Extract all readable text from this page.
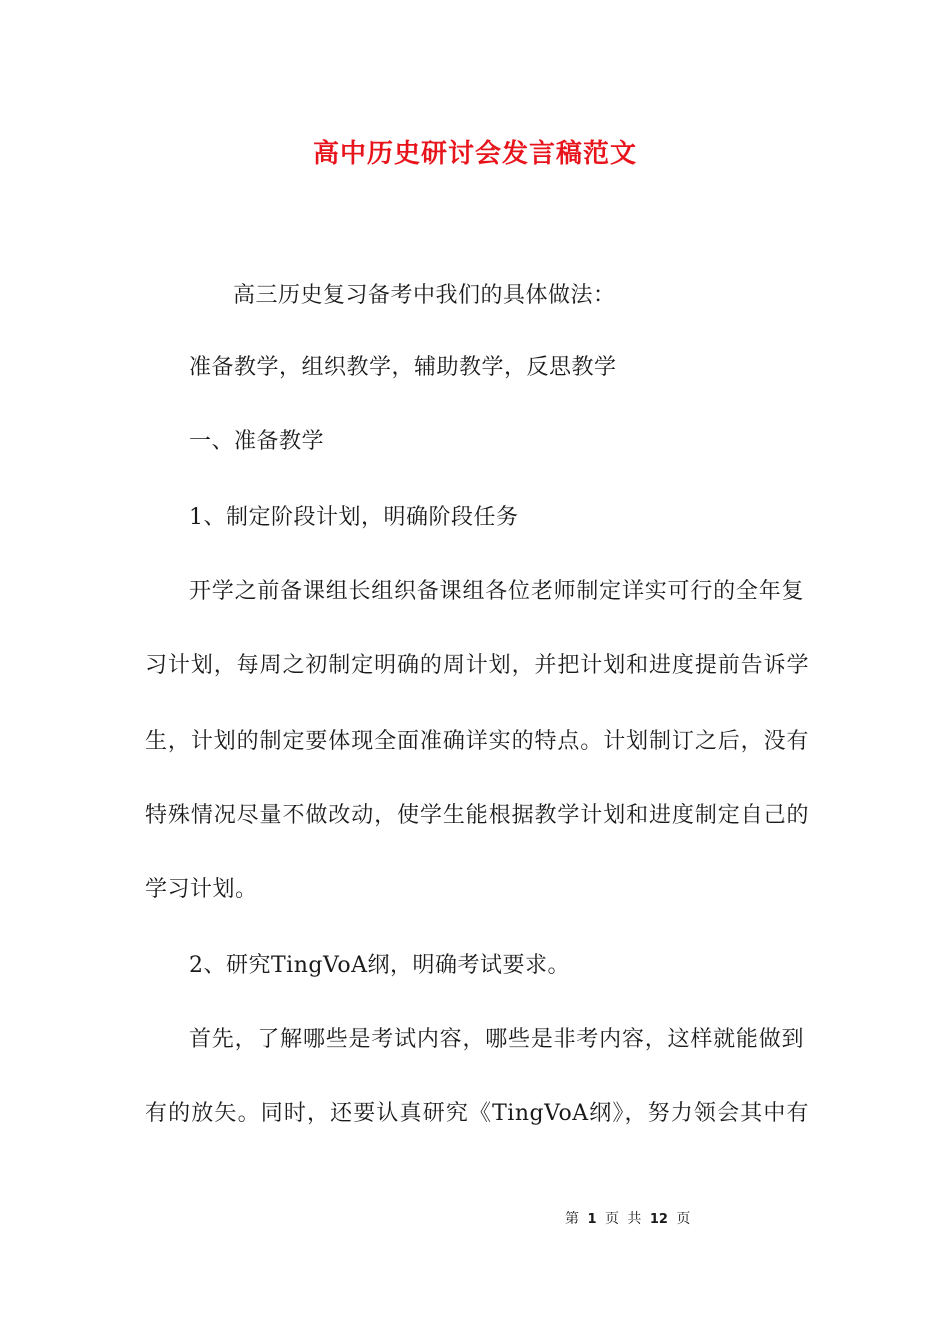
高中历史研讨会发言稿范文
高三历史复习备考中我们的具体做法：
准备教学，组织教学，辅助教学，反思教学
一、准备教学
1、制定阶段计划，明确阶段任务
开学之前备课组长组织备课组各位老师制定详实可行的全年复
习计划，每周之初制定明确的周计划，并把计划和进度提前告诉学
生，计划的制定要体现全面准确详实的特点。计划制订之后，没有
特殊情况尽量不做改动，使学生能根据教学计划和进度制定自己的
学习计划。
2、研究TingVoA纲，明确考试要求。
首先，了解哪些是考试内容，哪些是非考内容，这样就能做到
有的放矢。同时，还要认真研究《TingVoA纲》，努力领会其中有
第 1 页 共 12 页
